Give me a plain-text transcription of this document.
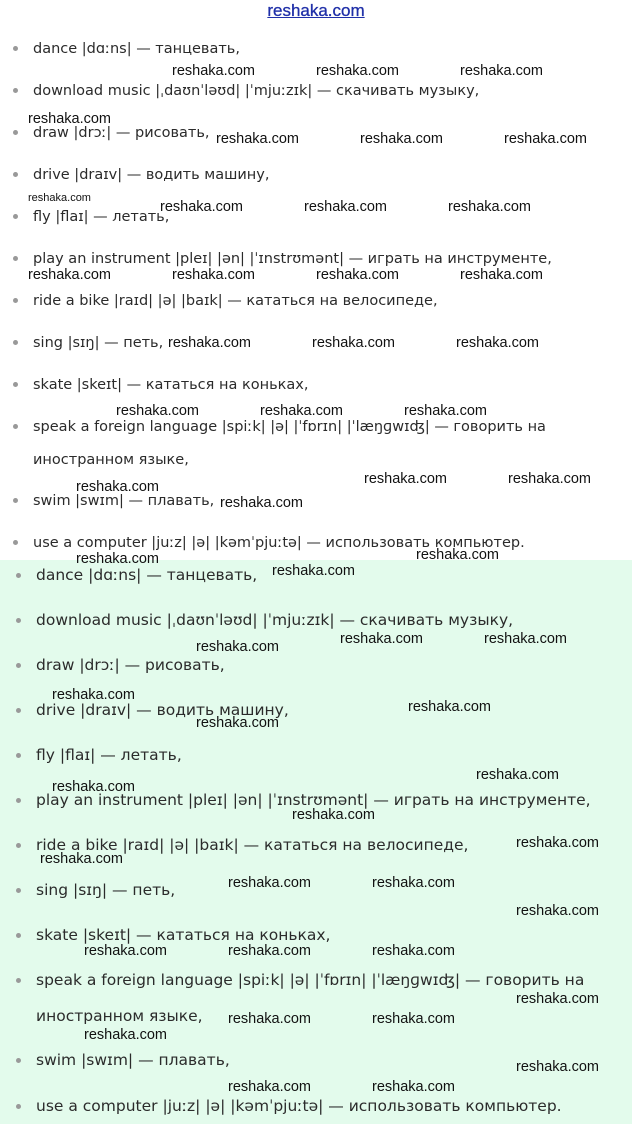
reshaka.com
dance |dɑːns| — танцевать,
download music |ˌdaʊnˈləʊd| |ˈmjuːzɪk| — скачивать музыку,
draw |drɔː| — рисовать,
drive |draɪv| — водить машину,
fly |flaɪ| — летать,
play an instrument |pleɪ| |ən| |ˈɪnstrʊmənt| — играть на инструменте,
ride a bike |raɪd| |ə| |baɪk| — кататься на велосипеде,
sing |sɪŋ| — петь,
skate |skeɪt| — кататься на коньках,
speak a foreign language |spiːk| |ə| |ˈfɒrɪn| |ˈlæŋɡwɪʤ| — говорить на
иностранном языке,
swim |swɪm| — плавать,
use a computer |juːz| |ə| |kəmˈpjuːtə| — использовать компьютер.
dance |dɑːns| — танцевать,
download music |ˌdaʊnˈləʊd| |ˈmjuːzɪk| — скачивать музыку,
draw |drɔː| — рисовать,
drive |draɪv| — водить машину,
fly |flaɪ| — летать,
play an instrument |pleɪ| |ən| |ˈɪnstrʊmənt| — играть на инструменте,
ride a bike |raɪd| |ə| |baɪk| — кататься на велосипеде,
sing |sɪŋ| — петь,
skate |skeɪt| — кататься на коньках,
speak a foreign language |spiːk| |ə| |ˈfɒrɪn| |ˈlæŋɡwɪʤ| — говорить на
иностранном языке,
swim |swɪm| — плавать,
use a computer |juːz| |ə| |kəmˈpjuːtə| — использовать компьютер.
reshaka.com	reshaka.com	reshaka.com
reshaka.com
reshaka.com	reshaka.com	reshaka.com
reshaka.com
reshaka.com	reshaka.com	reshaka.com
reshaka.com	reshaka.com	reshaka.com	reshaka.com
reshaka.com	reshaka.com	reshaka.com
reshaka.com	reshaka.com	reshaka.com
reshaka.com	reshaka.com
reshaka.com
reshaka.com
reshaka.com
reshaka.com
reshaka.com
reshaka.com	reshaka.com
reshaka.com
reshaka.com
reshaka.com
reshaka.com
reshaka.com
reshaka.com
reshaka.com
reshaka.com
reshaka.com
reshaka.com	reshaka.com
reshaka.com
reshaka.com	reshaka.com	reshaka.com
reshaka.com
reshaka.com	reshaka.com
reshaka.com
reshaka.com
reshaka.com	reshaka.com
